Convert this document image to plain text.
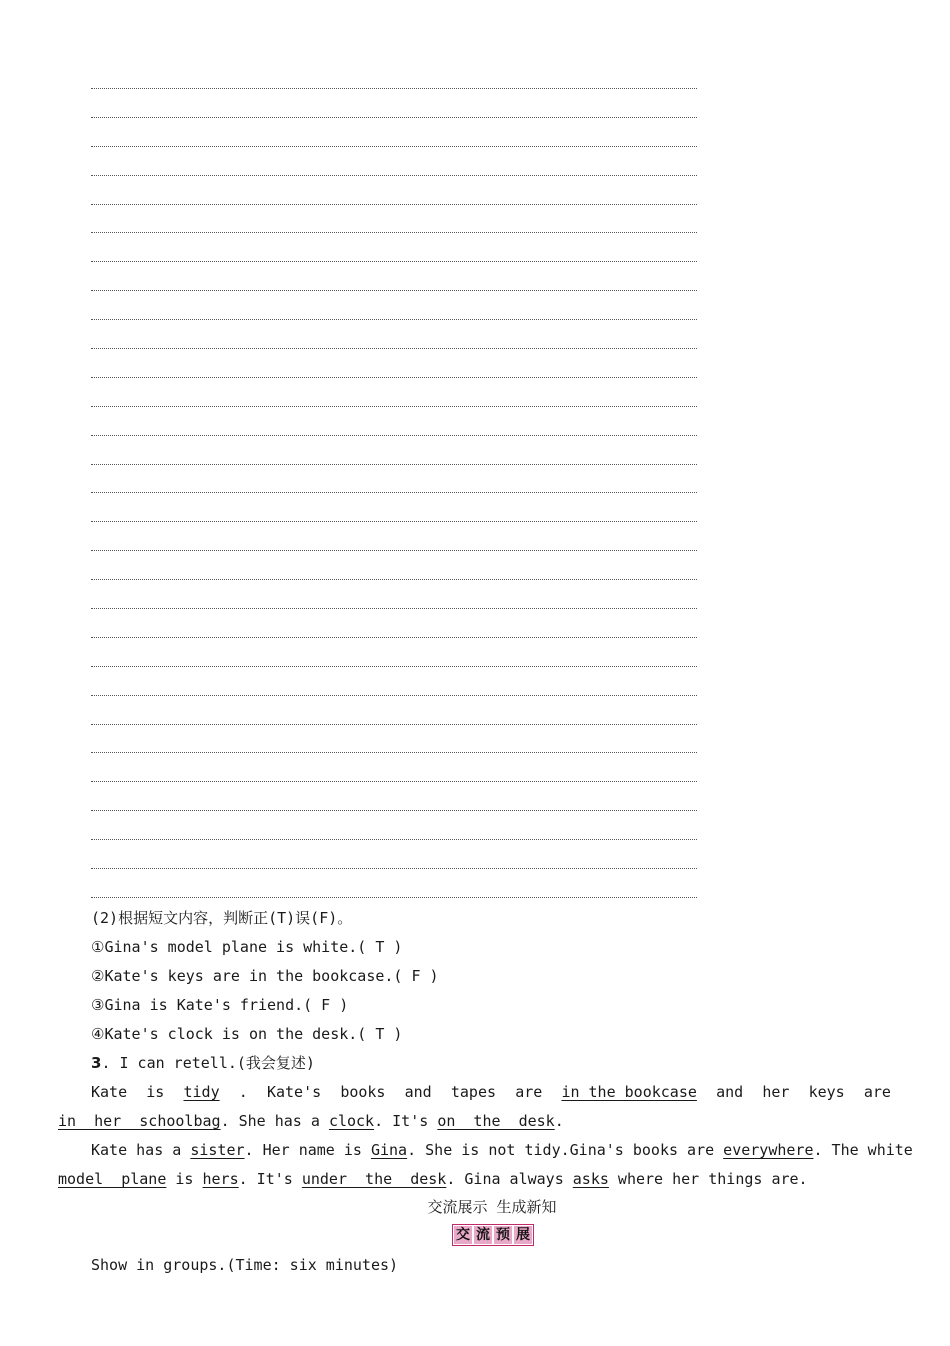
(2)根据短文内容，判断正(T)误(F)。
①Gina's model plane is white.( T )
②Kate's keys are in the bookcase.( F )
③Gina is Kate's friend.( F )
④Kate's clock is on the desk.( T )
3. I can retell.(我会复述)
Kate is tidy . Kate's books and tapes are in the bookcase and her keys are
in  her  schoolbag. She has a clock. It's on  the  desk.
Kate has a sister. Her name is Gina. She is not tidy.Gina's books are everywhere . The white
model  plane is hers. It's under  the  desk. Gina always asks where her things are.
交流展示 生成新知
交 流 预 展
Show in groups.(Time: six minutes)
